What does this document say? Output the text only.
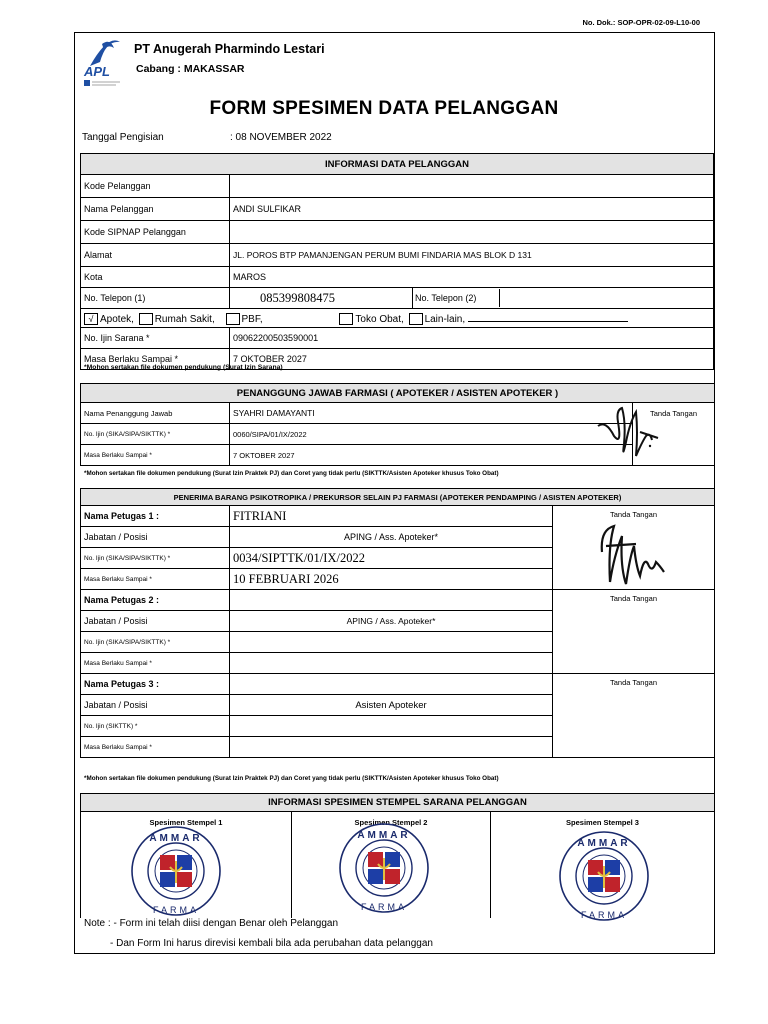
No. Dok.: SOP-OPR-02-09-L10-00
APL
PT Anugerah Pharmindo Lestari
Cabang : MAKASSAR
FORM SPESIMEN DATA PELANGGAN
Tanggal Pengisian	: 08 NOVEMBER 2022
INFORMASI DATA PELANGGAN		
Kode Pelanggan		
Nama Pelanggan	ANDI SULFIKAR	
Kode SIPNAP Pelanggan		
Alamat	JL. POROS BTP PAMANJENGAN PERUM BUMI FINDARIA MAS BLOK D 131	
Kota	MAROS	
No. Telepon (1)	085399808475	No. Telepon (2)
√ Apotek, Rumah Sakit, PBF, Toko Obat, Lain-lain,		
No. Ijin Sarana *	09062200503590001	
Masa Berlaku Sampai *	7 OKTOBER 2027	
*Mohon sertakan file dokumen pendukung (Surat Izin Sarana)
PENANGGUNG JAWAB FARMASI ( APOTEKER / ASISTEN APOTEKER )		
Nama Penanggung Jawab	SYAHRI DAMAYANTI	Tanda Tangan

No. Ijin (SIKA/SIPA/SIKTTK) *	0060/SIPA/01/IX/2022	
Masa Berlaku Sampai *	7 OKTOBER 2027	
*Mohon sertakan file dokumen pendukung (Surat Izin Praktek PJ) dan Coret yang tidak perlu (SIKTTK/Asisten Apoteker khusus Toko Obat)
PENERIMA BARANG PSIKOTROPIKA / PREKURSOR SELAIN PJ FARMASI (APOTEKER PENDAMPING / ASISTEN APOTEKER)		
Nama Petugas 1 :	FITRIANI	Tanda Tangan

Jabatan / Posisi	APING / Ass. Apoteker*	
No. Ijin (SIKA/SIPA/SIKTTK) *	0034/SIPTTK/01/IX/2022	
Masa Berlaku Sampai *	10 FEBRUARI 2026	
Nama Petugas 2 :		Tanda Tangan

Jabatan / Posisi	APING / Ass. Apoteker*	
No. Ijin (SIKA/SIPA/SIKTTK) *		
Masa Berlaku Sampai *		
Nama Petugas 3 :		Tanda Tangan

Jabatan / Posisi	Asisten Apoteker	
No. Ijin (SIKTTK) *		
Masa Berlaku Sampai *		
*Mohon sertakan file dokumen pendukung (Surat Izin Praktek PJ) dan Coret yang tidak perlu (SIKTTK/Asisten Apoteker khusus Toko Obat)
INFORMASI SPESIMEN STEMPEL SARANA PELANGGAN		
Spesimen Stempel 1	Spesimen Stempel 2	Spesimen Stempel 3

AMMAR
FARMA
AMMAR
FARMA
AMMAR
FARMA
Note : - Form ini telah diisi dengan Benar oleh Pelanggan
- Dan Form Ini harus direvisi kembali bila ada perubahan data pelanggan
